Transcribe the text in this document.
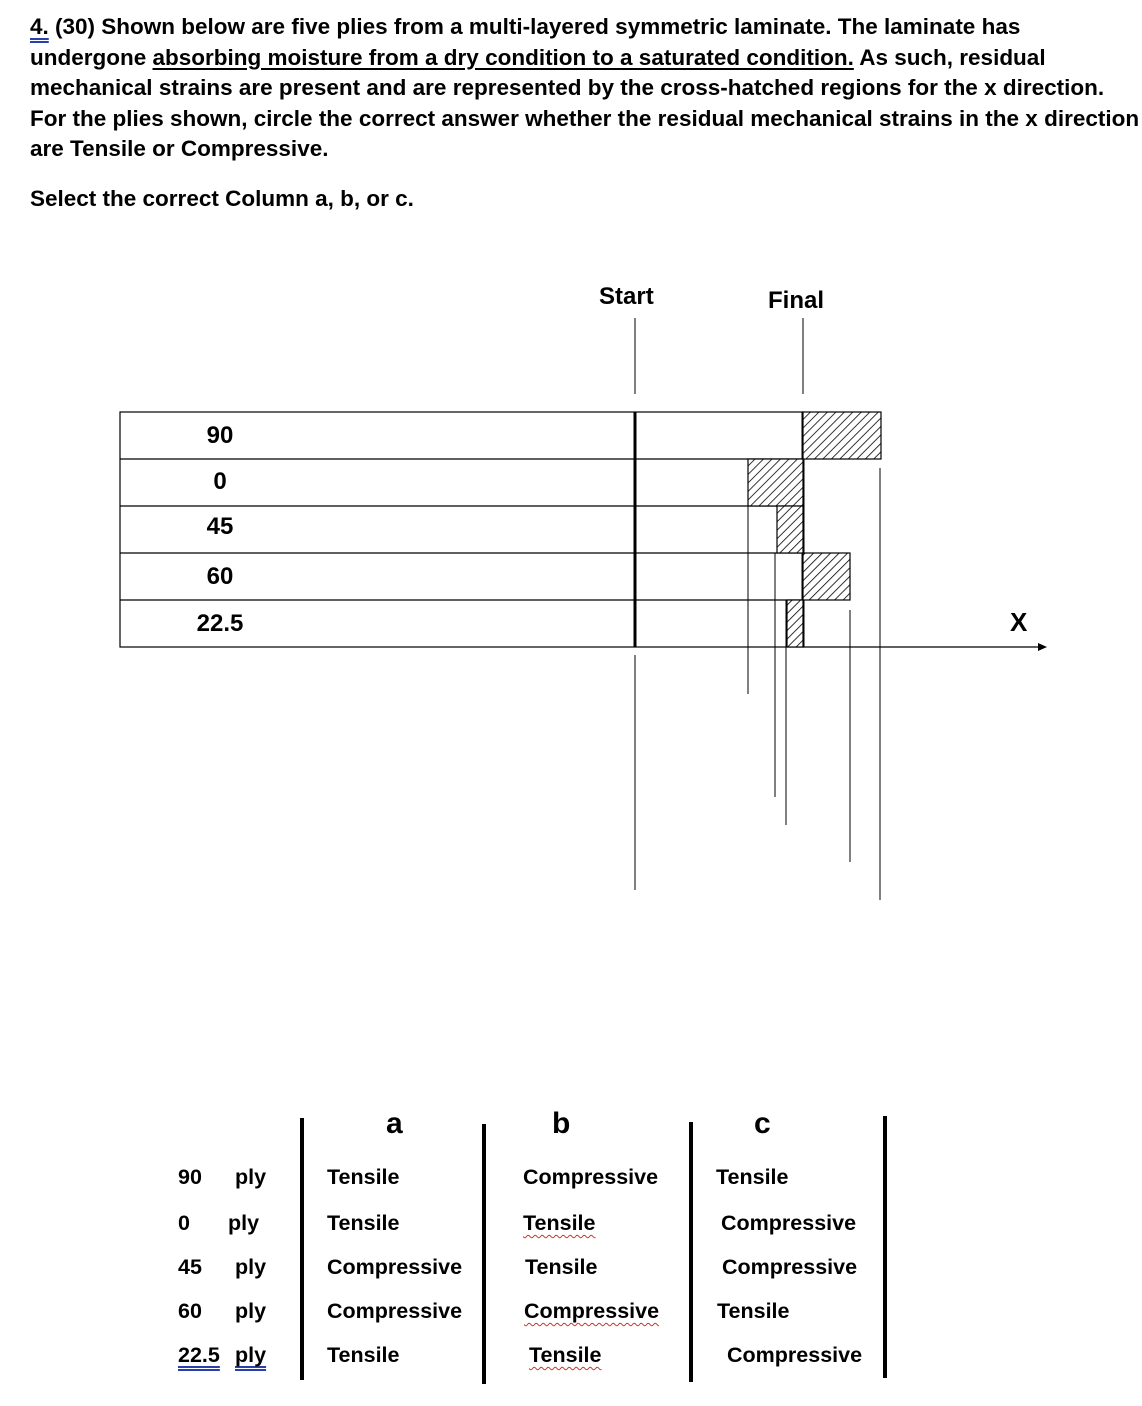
4. (30) Shown below are five plies from a multi-layered symmetric laminate. The laminate has undergone absorbing moisture from a dry condition to a saturated condition. As such, residual mechanical strains are present and are represented by the cross-hatched regions for the x direction. For the plies shown, circle the correct answer whether the residual mechanical strains in the x direction are Tensile or Compressive.

Select the correct Column a, b, or c.
Start	Final
X
90
0
45
60
22.5
a	b	c
90 ply	Tensile	Compressive	Tensile
0 ply	Tensile	Tensile	Compressive
45 ply	Compressive	Tensile	Compressive
60 ply	Compressive	Compressive	Tensile
22.5 ply	Tensile	Tensile	Compressive
